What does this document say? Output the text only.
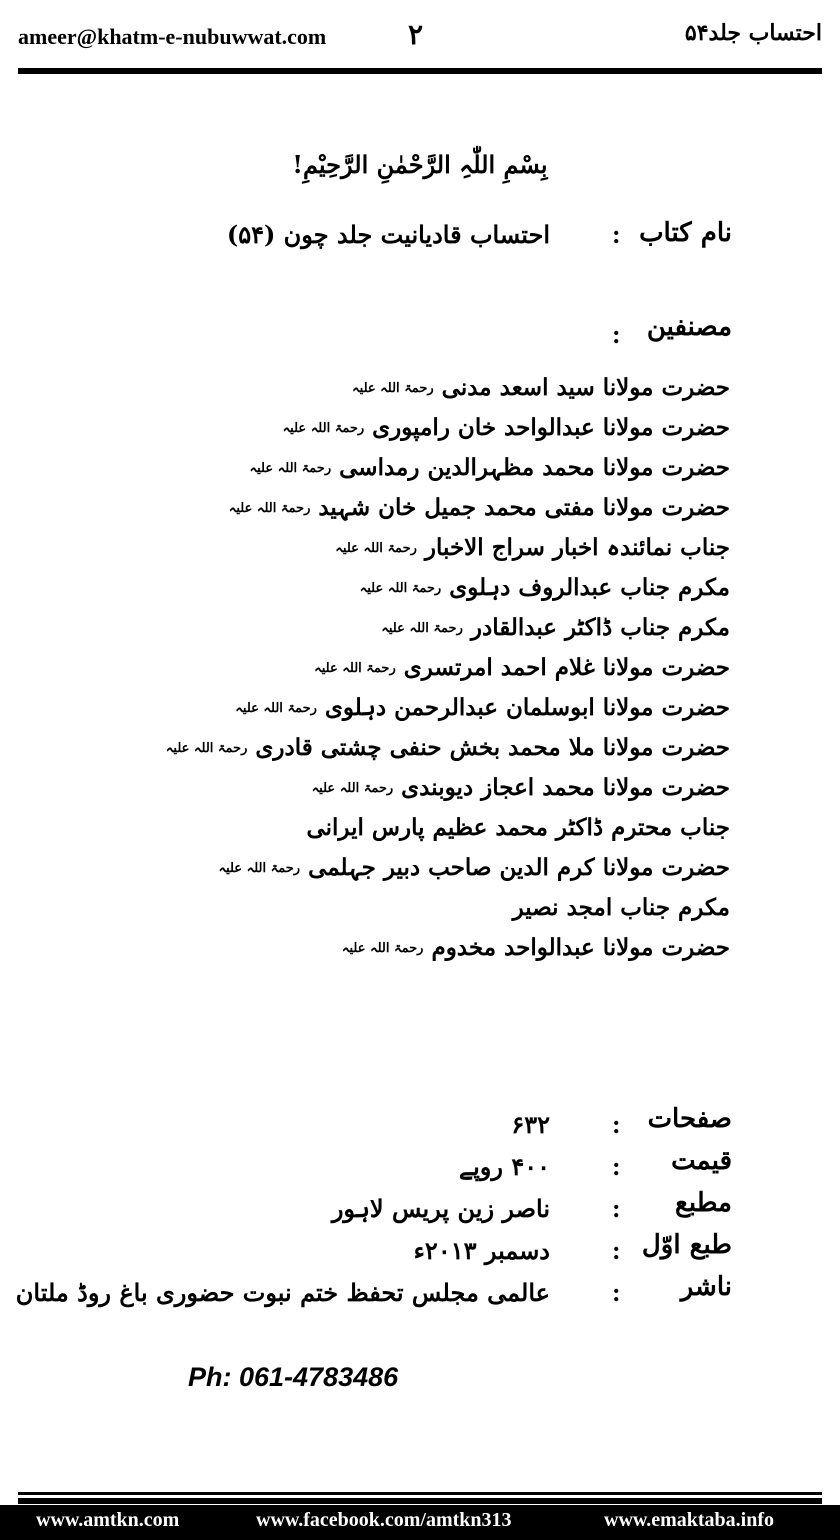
ameer@khatm-e-nubuwwat.com	۲	احتساب جلد۵۴
بِسْمِ اللّٰہِ الرَّحْمٰنِ الرَّحِیْمِ!
نام کتاب
:
احتساب قادیانیت جلد چون (۵۴)
مصنفین
:
حضرت مولانا سید اسعد مدنی رحمۃ اللہ علیہ
حضرت مولانا عبدالواحد خان رامپوری رحمۃ اللہ علیہ
حضرت مولانا محمد مظہرالدین رمداسی رحمۃ اللہ علیہ
حضرت مولانا مفتی محمد جمیل خان شہید رحمۃ اللہ علیہ
جناب نمائندہ اخبار سراج الاخبار رحمۃ اللہ علیہ
مکرم جناب عبدالروف دہلوی رحمۃ اللہ علیہ
مکرم جناب ڈاکٹر عبدالقادر رحمۃ اللہ علیہ
حضرت مولانا غلام احمد امرتسری رحمۃ اللہ علیہ
حضرت مولانا ابوسلمان عبدالرحمن دہلوی رحمۃ اللہ علیہ
حضرت مولانا ملا محمد بخش حنفی چشتی قادری رحمۃ اللہ علیہ
حضرت مولانا محمد اعجاز دیوبندی رحمۃ اللہ علیہ
جناب محترم ڈاکٹر محمد عظیم پارس ایرانی
حضرت مولانا کرم الدین صاحب دبیر جہلمی رحمۃ اللہ علیہ
مکرم جناب امجد نصیر
حضرت مولانا عبدالواحد مخدوم رحمۃ اللہ علیہ
صفحات
:
۶۳۲
قیمت
:
۴۰۰ روپے
مطبع
:
ناصر زین پریس لاہور
طبع اوّل
:
دسمبر ۲۰۱۳ء
ناشر
:
عالمی مجلس تحفظ ختم نبوت حضوری باغ روڈ ملتان
Ph: 061-4783486
www.amtkn.com	www.facebook.com/amtkn313	www.emaktaba.info
